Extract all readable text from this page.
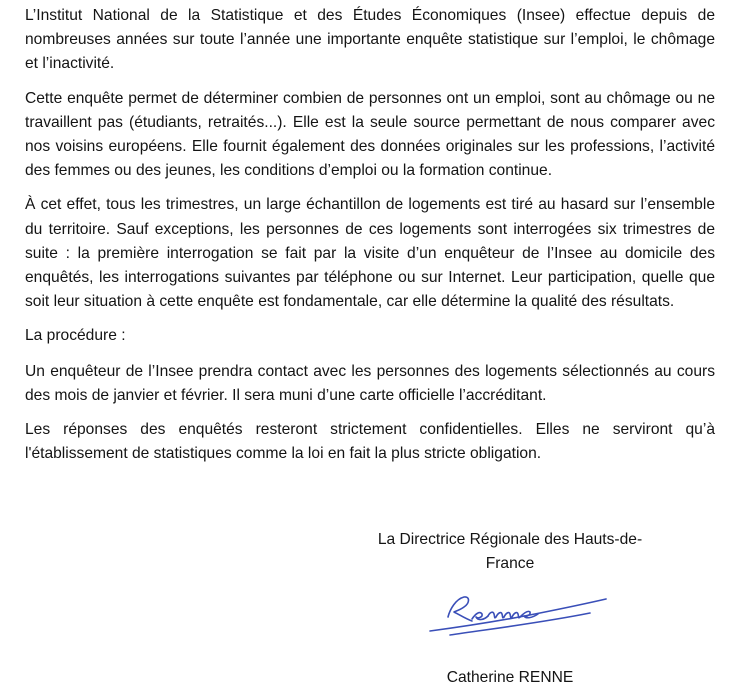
L’Institut National de la Statistique et des Études Économiques (Insee) effectue depuis de nombreuses années sur toute l’année une importante enquête statistique sur l’emploi, le chômage et l’inactivité.

Cette enquête permet de déterminer combien de personnes ont un emploi, sont au chômage ou ne travaillent pas (étudiants, retraités...). Elle est la seule source permettant de nous comparer avec nos voisins européens. Elle fournit également des données originales sur les professions, l’activité des femmes ou des jeunes, les conditions d’emploi ou la formation continue.

À cet effet, tous les trimestres, un large échantillon de logements est tiré au hasard sur l’ensemble du territoire. Sauf exceptions, les personnes de ces logements sont interrogées six trimestres de suite : la première interrogation se fait par la visite d’un enquêteur de l’Insee au domicile des enquêtés, les interrogations suivantes par téléphone ou sur Internet. Leur participation, quelle que soit leur situation à cette enquête est fondamentale, car elle détermine la qualité des résultats.

La procédure :

Un enquêteur de l’Insee prendra contact avec les personnes des logements sélectionnés au cours des mois de janvier et février. Il sera muni d’une carte officielle l’accréditant.

Les réponses des enquêtés resteront strictement confidentielles. Elles ne serviront qu’à l'établissement de statistiques comme la loi en fait la plus stricte obligation.

La Directrice Régionale des Hauts-de-France

Catherine RENNE
